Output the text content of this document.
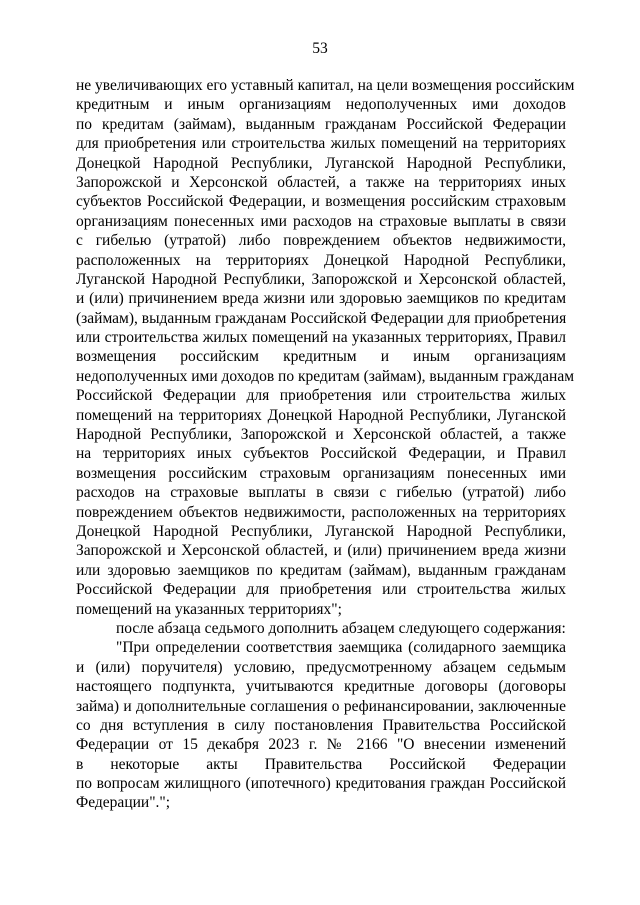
53
не увеличивающих его уставный капитал, на цели возмещения российским
кредитным и иным организациям недополученных ими доходов
по кредитам (займам), выданным гражданам Российской Федерации
для приобретения или строительства жилых помещений на территориях
Донецкой Народной Республики, Луганской Народной Республики,
Запорожской и Херсонской областей, а также на территориях иных
субъектов Российской Федерации, и возмещения российским страховым
организациям понесенных ими расходов на страховые выплаты в связи
с гибелью (утратой) либо повреждением объектов недвижимости,
расположенных на территориях Донецкой Народной Республики,
Луганской Народной Республики, Запорожской и Херсонской областей,
и (или) причинением вреда жизни или здоровью заемщиков по кредитам
(займам), выданным гражданам Российской Федерации для приобретения
или строительства жилых помещений на указанных территориях, Правил
возмещения российским кредитным и иным организациям
недополученных ими доходов по кредитам (займам), выданным гражданам
Российской Федерации для приобретения или строительства жилых
помещений на территориях Донецкой Народной Республики, Луганской
Народной Республики, Запорожской и Херсонской областей, а также
на территориях иных субъектов Российской Федерации, и Правил
возмещения российским страховым организациям понесенных ими
расходов на страховые выплаты в связи с гибелью (утратой) либо
повреждением объектов недвижимости, расположенных на территориях
Донецкой Народной Республики, Луганской Народной Республики,
Запорожской и Херсонской областей, и (или) причинением вреда жизни
или здоровью заемщиков по кредитам (займам), выданным гражданам
Российской Федерации для приобретения или строительства жилых
помещений на указанных территориях";
после абзаца седьмого дополнить абзацем следующего содержания:
"При определении соответствия заемщика (солидарного заемщика
и (или) поручителя) условию, предусмотренному абзацем седьмым
настоящего подпункта, учитываются кредитные договоры (договоры
займа) и дополнительные соглашения о рефинансировании, заключенные
со дня вступления в силу постановления Правительства Российской
Федерации от 15 декабря 2023 г. № 2166 "О внесении изменений
в некоторые акты Правительства Российской Федерации
по вопросам жилищного (ипотечного) кредитования граждан Российской
Федерации".";
